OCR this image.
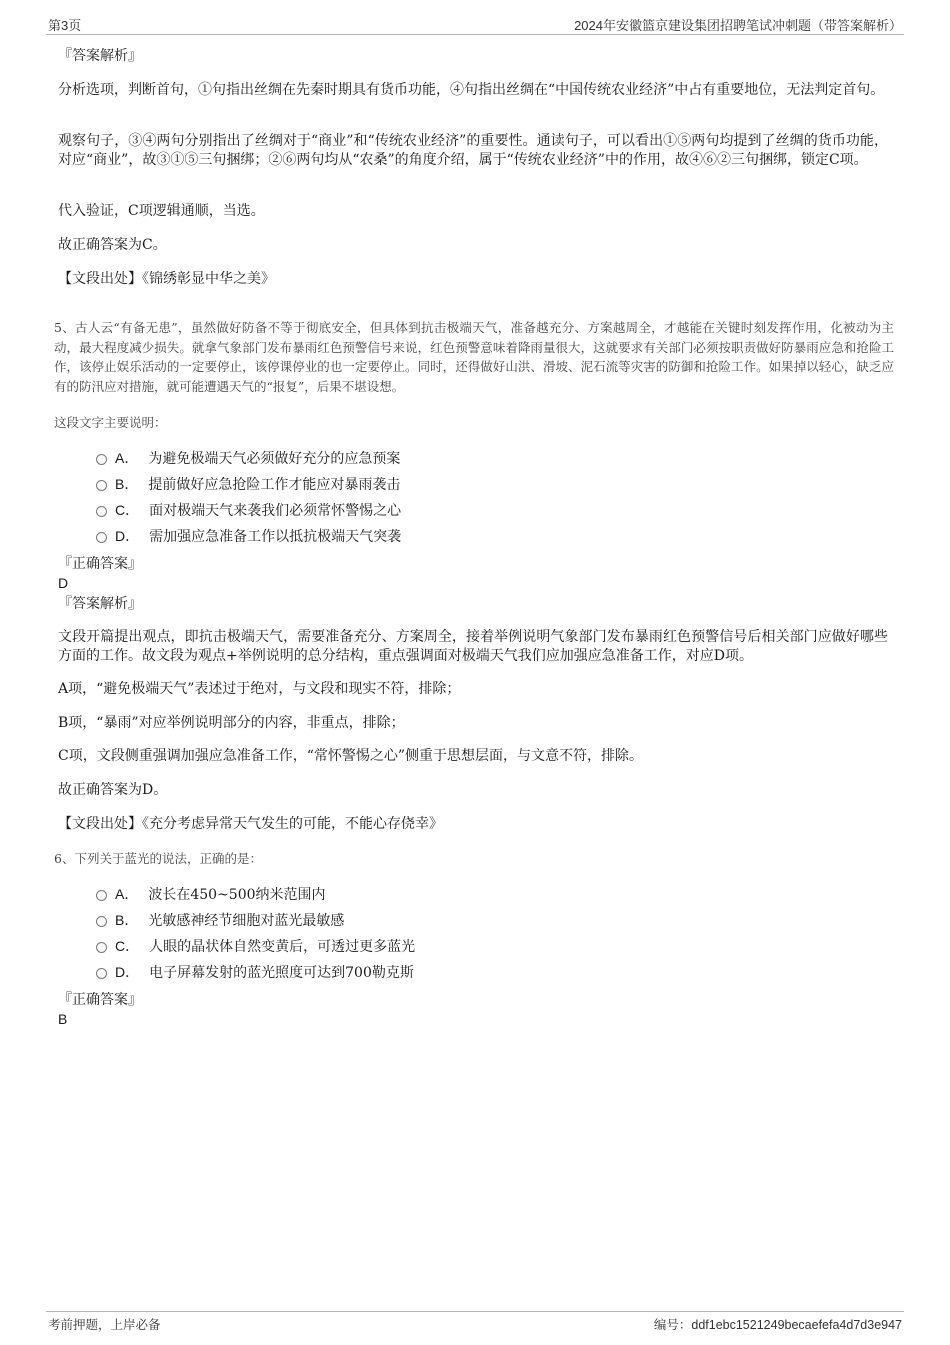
第3页	2024年安徽篮京建设集团招聘笔试冲刺题（带答案解析）
『答案解析』
分析选项，判断首句，①句指出丝绸在先秦时期具有货币功能，④句指出丝绸在“中国传统农业经济”中占有重要地位，无法判定首句。
观察句子，③④两句分别指出了丝绸对于“商业”和“传统农业经济”的重要性。通读句子，可以看出①⑤两句均提到了丝绸的货币功能，对应“商业”，故③①⑤三句捆绑；②⑥两句均从“农桑”的角度介绍，属于“传统农业经济”中的作用，故④⑥②三句捆绑，锁定C项。
代入验证，C项逻辑通顺，当选。
故正确答案为C。
【文段出处】《锦绣彰显中华之美》
5、古人云“有备无患”，虽然做好防备不等于彻底安全，但具体到抗击极端天气，准备越充分、方案越周全，才越能在关键时刻发挥作用，化被动为主动，最大程度减少损失。就拿气象部门发布暴雨红色预警信号来说，红色预警意味着降雨量很大，这就要求有关部门必须按职责做好防暴雨应急和抢险工作，该停止娱乐活动的一定要停止，该停课停业的也一定要停止。同时，还得做好山洪、滑坡、泥石流等灾害的防御和抢险工作。如果掉以轻心，缺乏应有的防汛应对措施，就可能遭遇天气的“报复”，后果不堪设想。
这段文字主要说明：
A． 为避免极端天气必须做好充分的应急预案
B． 提前做好应急抢险工作才能应对暴雨袭击
C． 面对极端天气来袭我们必须常怀警惕之心
D． 需加强应急准备工作以抵抗极端天气突袭
『正确答案』
D
『答案解析』
文段开篇提出观点，即抗击极端天气，需要准备充分、方案周全，接着举例说明气象部门发布暴雨红色预警信号后相关部门应做好哪些方面的工作。故文段为观点+举例说明的总分结构，重点强调面对极端天气我们应加强应急准备工作，对应D项。
A项，“避免极端天气”表述过于绝对，与文段和现实不符，排除；
B项，“暴雨”对应举例说明部分的内容，非重点，排除；
C项，文段侧重强调加强应急准备工作，“常怀警惕之心”侧重于思想层面，与文意不符，排除。
故正确答案为D。
【文段出处】《充分考虑异常天气发生的可能，不能心存侥幸》
6、下列关于蓝光的说法，正确的是：
A． 波长在450~500纳米范围内
B． 光敏感神经节细胞对蓝光最敏感
C． 人眼的晶状体自然变黄后，可透过更多蓝光
D． 电子屏幕发射的蓝光照度可达到700勒克斯
『正确答案』
B
考前押题，上岸必备	编号：ddf1ebc1521249becaefefa4d7d3e947
